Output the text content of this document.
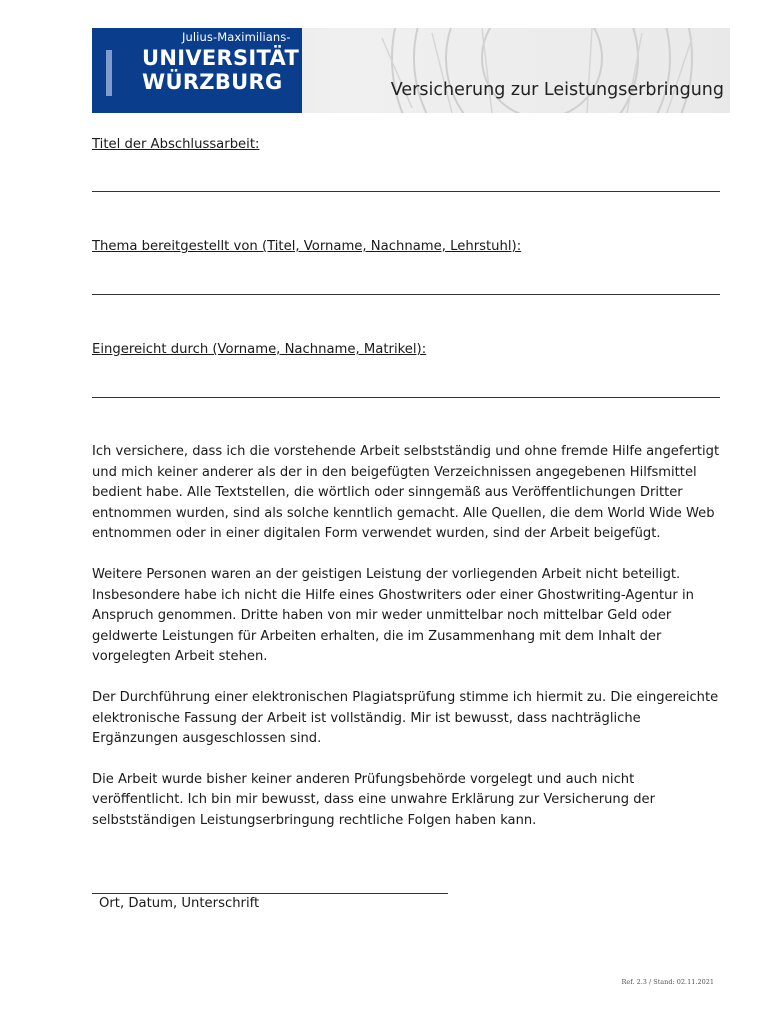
Julius-Maximilians-
UNIVERSITÄT
WÜRZBURG	Versicherung zur Leistungserbringung
Titel der Abschlussarbeit:
Thema bereitgestellt von (Titel, Vorname, Nachname, Lehrstuhl):
Eingereicht durch (Vorname, Nachname, Matrikel):

Ich versichere, dass ich die vorstehende Arbeit selbstständig und ohne fremde Hilfe angefertigt und mich keiner anderer als der in den beigefügten Verzeichnissen angegebenen Hilfsmittel bedient habe. Alle Textstellen, die wörtlich oder sinngemäß aus Veröffentlichungen Dritter entnommen wurden, sind als solche kenntlich gemacht. Alle Quellen, die dem World Wide Web entnommen oder in einer digitalen Form verwendet wurden, sind der Arbeit beigefügt.

Weitere Personen waren an der geistigen Leistung der vorliegenden Arbeit nicht beteiligt. Insbesondere habe ich nicht die Hilfe eines Ghostwriters oder einer Ghostwriting-Agentur in Anspruch genommen. Dritte haben von mir weder unmittelbar noch mittelbar Geld oder geldwerte Leistungen für Arbeiten erhalten, die im Zusammenhang mit dem Inhalt der vorgelegten Arbeit stehen.

Der Durchführung einer elektronischen Plagiatsprüfung stimme ich hiermit zu. Die eingereichte elektronische Fassung der Arbeit ist vollständig. Mir ist bewusst, dass nachträgliche Ergänzungen ausgeschlossen sind.

Die Arbeit wurde bisher keiner anderen Prüfungsbehörde vorgelegt und auch nicht veröffentlicht. Ich bin mir bewusst, dass eine unwahre Erklärung zur Versicherung der selbstständigen Leistungserbringung rechtliche Folgen haben kann.

Ort, Datum, Unterschrift
Ref. 2.3 / Stand: 02.11.2021
